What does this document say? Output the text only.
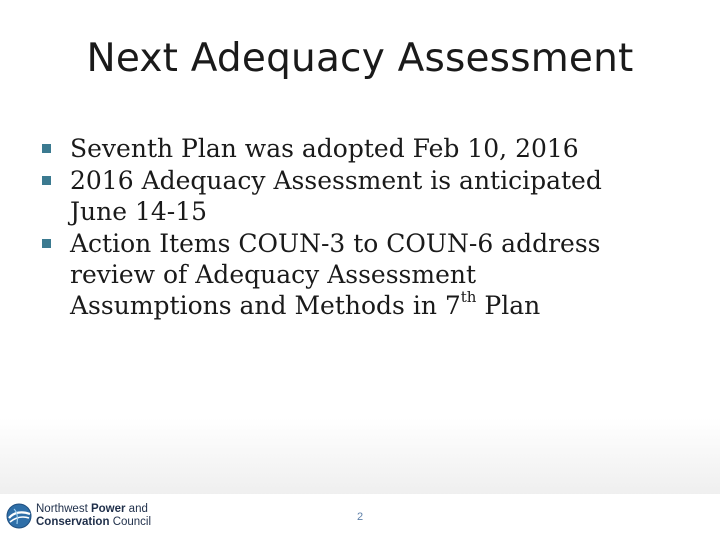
Next Adequacy Assessment
Seventh Plan was adopted Feb 10, 2016
2016 Adequacy Assessment is anticipated
June 14-15
Action Items COUN-3 to COUN-6 address
review of Adequacy Assessment
Assumptions and Methods in 7th Plan
Northwest Power and
Conservation Council	2
